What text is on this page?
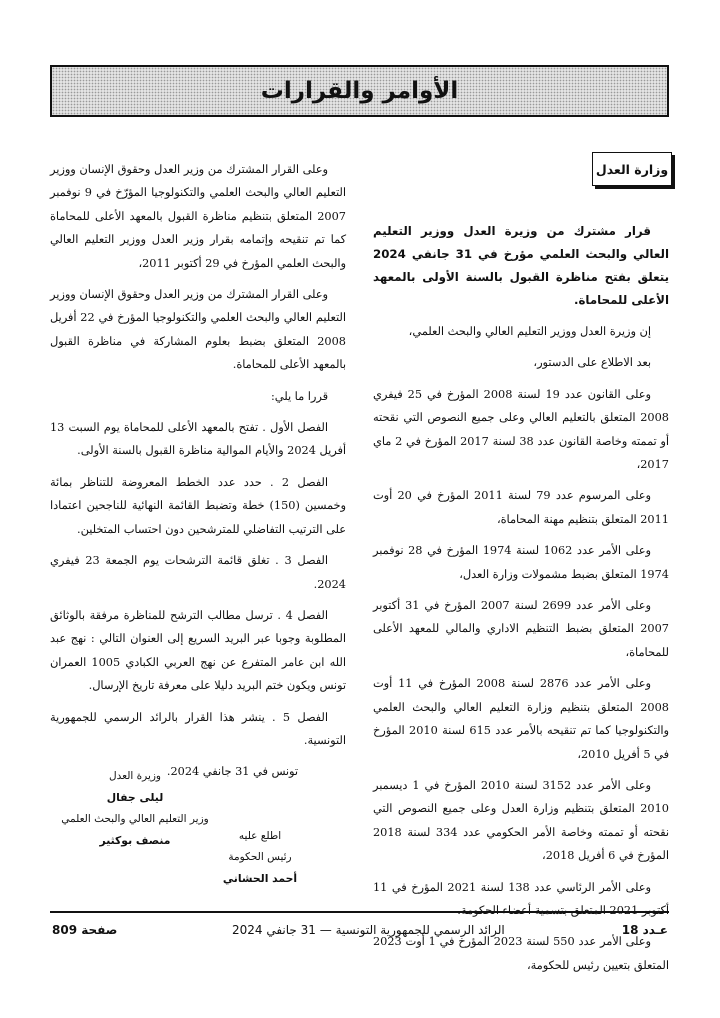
الأوامر والقرارات
وزارة العدل

قرار مشترك من وزيرة العدل ووزير التعليم العالي والبحث العلمي مؤرخ في 31 جانفي 2024 يتعلق بفتح مناظرة القبول بالسنة الأولى بالمعهد الأعلى للمحاماة.

إن وزيرة العدل ووزير التعليم العالي والبحث العلمي،

بعد الاطلاع على الدستور،

وعلى القانون عدد 19 لسنة 2008 المؤرخ في 25 فيفري 2008 المتعلق بالتعليم العالي وعلى جميع النصوص التي نقحته أو تممته وخاصة القانون عدد 38 لسنة 2017 المؤرخ في 2 ماي 2017،

وعلى المرسوم عدد 79 لسنة 2011 المؤرخ في 20 أوت 2011 المتعلق بتنظيم مهنة المحاماة،

وعلى الأمر عدد 1062 لسنة 1974 المؤرخ في 28 نوفمبر 1974 المتعلق بضبط مشمولات وزارة العدل،

وعلى الأمر عدد 2699 لسنة 2007 المؤرخ في 31 أكتوبر 2007 المتعلق بضبط التنظيم الاداري والمالي للمعهد الأعلى للمحاماة،

وعلى الأمر عدد 2876 لسنة 2008 المؤرخ في 11 أوت 2008 المتعلق بتنظيم وزارة التعليم العالي والبحث العلمي والتكنولوجيا كما تم تنقيحه بالأمر عدد 615 لسنة 2010 المؤرخ في 5 أفريل 2010،

وعلى الأمر عدد 3152 لسنة 2010 المؤرخ في 1 ديسمبر 2010 المتعلق بتنظيم وزارة العدل وعلى جميع النصوص التي نقحته أو تممته وخاصة الأمر الحكومي عدد 334 لسنة 2018 المؤرخ في 6 أفريل 2018،

وعلى الأمر الرئاسي عدد 138 لسنة 2021 المؤرخ في 11 أكتوبر 2021 المتعلق بتسمية أعضاء الحكومة،

وعلى الأمر عدد 550 لسنة 2023 المؤرخ في 1 أوت 2023 المتعلق بتعيين رئيس للحكومة،

وعلى القرار المشترك من وزير العدل وحقوق الإنسان ووزير التعليم العالي والبحث العلمي والتكنولوجيا المؤرّخ في 9 نوفمبر 2007 المتعلق بتنظيم مناظرة القبول بالمعهد الأعلى للمحاماة كما تم تنقيحه وإتمامه بقرار وزير العدل ووزير التعليم العالي والبحث العلمي المؤرخ في 29 أكتوبر 2011،

وعلى القرار المشترك من وزير العدل وحقوق الإنسان ووزير التعليم العالي والبحث العلمي والتكنولوجيا المؤرخ في 22 أفريل 2008 المتعلق بضبط بعلوم المشاركة في مناظرة القبول بالمعهد الأعلى للمحاماة.

قررا ما يلي:

الفصل الأول . تفتح بالمعهد الأعلى للمحاماة يوم السبت 13 أفريل 2024 والأيام الموالية مناظرة القبول بالسنة الأولى.

الفصل 2 . حدد عدد الخطط المعروضة للتناظر بمائة وخمسين (150) خطة وتضبط القائمة النهائية للناجحين اعتمادا على الترتيب التفاضلي للمترشحين دون احتساب المتخلين.

الفصل 3 . تغلق قائمة الترشحات يوم الجمعة 23 فيفري 2024.

الفصل 4 . ترسل مطالب الترشح للمناظرة مرفقة بالوثائق المطلوبة وجوبا عبر البريد السريع إلى العنوان التالي : نهج عبد الله ابن عامر المتفرع عن نهج العربي الكبادي 1005 العمران تونس ويكون ختم البريد دليلا على معرفة تاريخ الإرسال.

الفصل 5 . ينشر هذا القرار بالرائد الرسمي للجمهورية التونسية.

تونس في 31 جانفي 2024.

وزيرة العدل
ليلى جفال
وزير التعليم العالي والبحث العلمي
منصف بوكثير	اطلع عليه
رئيس الحكومة
أحمد الحشاني
عـدد 18
الرائد الرسمي للجمهورية التونسية — 31 جانفي 2024
صفحة 809
